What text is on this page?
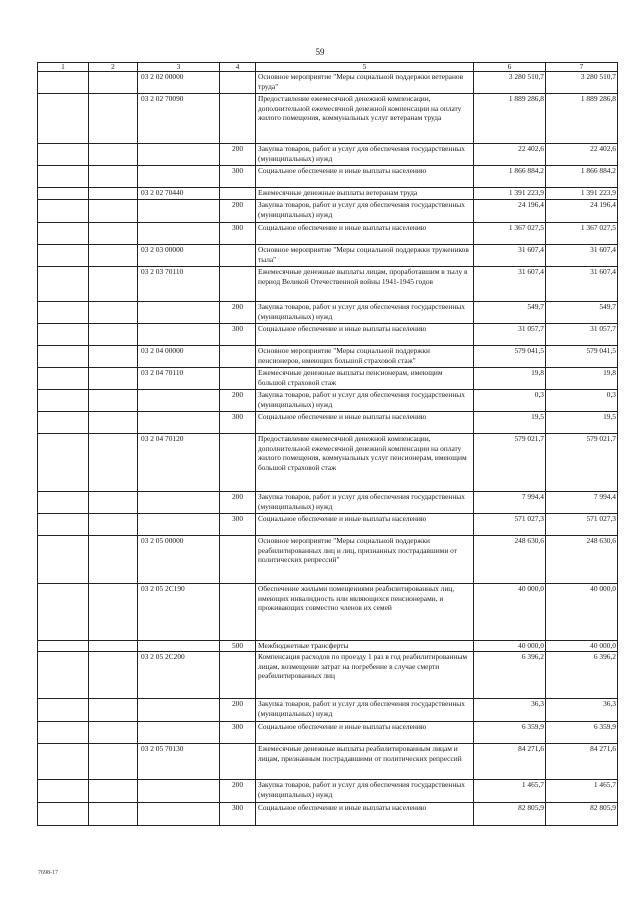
59
1	2	3	4	5	6	7
		03 2 02 00000		Основное мероприятие "Меры социальной поддержки ветеранов труда"	3 280 510,7	3 280 510,7
		03 2 02 70090		Предоставление ежемесячной денежной компенсации, дополнительной ежемесячной денежной компенсации на оплату жилого помещения, коммунальных услуг ветеранам труда	1 889 286,8	1 889 286,8
			200	Закупка товаров, работ и услуг для обеспечения государственных (муниципальных) нужд	22 402,6	22 402,6
			300	Социальное обеспечение и иные выплаты населению	1 866 884,2	1 866 884,2
		03 2 02 70440		Ежемесячные денежные выплаты ветеранам труда	1 391 223,9	1 391 223,9
			200	Закупка товаров, работ и услуг для обеспечения государственных (муниципальных) нужд	24 196,4	24 196,4
			300	Социальное обеспечение и иные выплаты населению	1 367 027,5	1 367 027,5
		03 2 03 00000		Основное мероприятие "Меры социальной поддержки тружеников тыла"	31 607,4	31 607,4
		03 2 03 70110		Ежемесячные денежные выплаты лицам, проработавшим в тылу в период Великой Отечественной войны 1941-1945 годов	31 607,4	31 607,4
			200	Закупка товаров, работ и услуг для обеспечения государственных (муниципальных) нужд	549,7	549,7
			300	Социальное обеспечение и иные выплаты населению	31 057,7	31 057,7
		03 2 04 00000		Основное мероприятие "Меры социальной поддержки пенсионеров, имеющих большой страховой стаж"	579 041,5	579 041,5
		03 2 04 70110		Ежемесячные денежные выплаты пенсионерам, имеющим большой страховой стаж	19,8	19,8
			200	Закупка товаров, работ и услуг для обеспечения государственных (муниципальных) нужд	0,3	0,3
			300	Социальное обеспечение и иные выплаты населению	19,5	19,5
		03 2 04 70120		Предоставление ежемесячной денежной компенсации, дополнительной ежемесячной денежной компенсации на оплату жилого помещения, коммунальных услуг пенсионерам, имеющим большой страховой стаж	579 021,7	579 021,7
			200	Закупка товаров, работ и услуг для обеспечения государственных (муниципальных) нужд	7 994,4	7 994,4
			300	Социальное обеспечение и иные выплаты населению	571 027,3	571 027,3
		03 2 05 00000		Основное мероприятие "Меры социальной поддержки реабилитированных лиц и лиц, признанных пострадавшими от политических репрессий"	248 630,6	248 630,6
		03 2 05 2С190		Обеспечение жилыми помещениями реабилитированных лиц, имеющих инвалидность или являющихся пенсионерами, и проживающих совместно членов их семей	40 000,0	40 000,0
			500	Межбюджетные трансферты	40 000,0	40 000,0
		03 2 05 2С200		Компенсация расходов по проезду 1 раз в год реабилитированным лицам, возмещение затрат на погребение в случае смерти реабилитированных лиц	6 396,2	6 396,2
			200	Закупка товаров, работ и услуг для обеспечения государственных (муниципальных) нужд	36,3	36,3
			300	Социальное обеспечение и иные выплаты населению	6 359,9	6 359,9
		03 2 05 70130		Ежемесячные денежные выплаты реабилитированным лицам и лицам, признанным пострадавшими от политических репрессий	84 271,6	84 271,6
			200	Закупка товаров, работ и услуг для обеспечения государственных (муниципальных) нужд	1 465,7	1 465,7
			300	Социальное обеспечение и иные выплаты населению	82 805,9	82 805,9
7698-17
